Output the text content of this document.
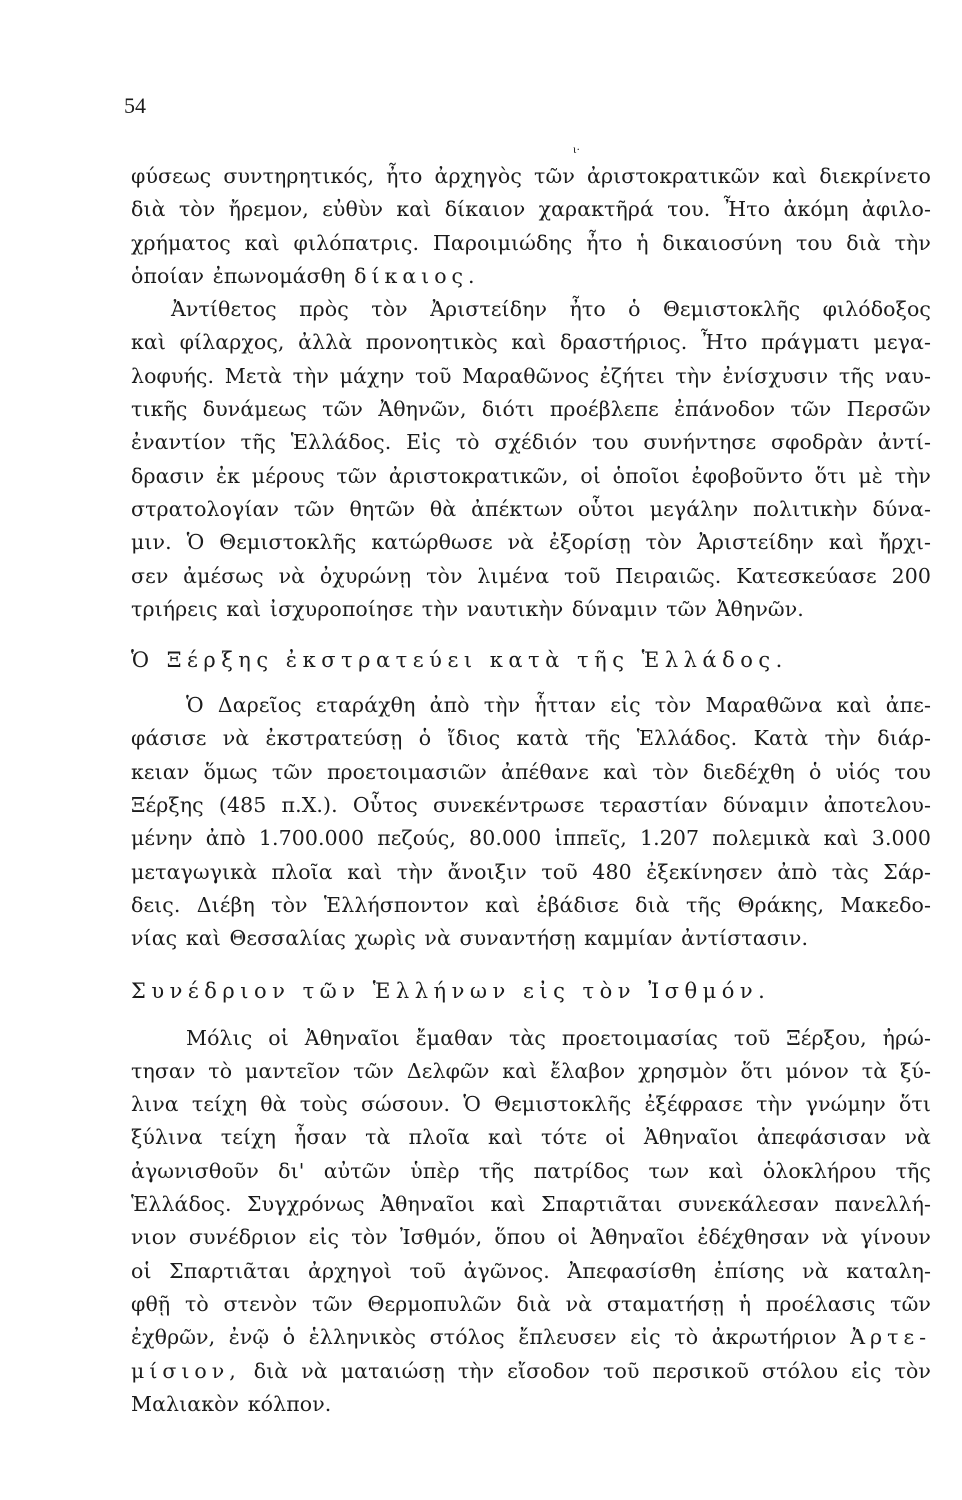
54
ι·

φύσεως συντηρητικός, ἦτο ἀρχηγὸς τῶν ἀριστοκρατικῶν καὶ διεκρίνετο
διὰ τὸν ἤρεμον, εὐθὺν καὶ δίκαιον χαρακτῆρά του. Ἦτο ἀκόμη ἀφιλο-
χρήματος καὶ φιλόπατρις. Παροιμιώδης ἦτο ἡ δικαιοσύνη του διὰ τὴν
ὁποίαν ἐπωνομάσθη δίκαιος.

Ἀντίθετος πρὸς τὸν Ἀριστείδην ἦτο ὁ Θεμιστοκλῆς φιλόδοξος
καὶ φίλαρχος, ἀλλὰ προνοητικὸς καὶ δραστήριος. Ἦτο πράγματι μεγα-
λοφυής. Μετὰ τὴν μάχην τοῦ Μαραθῶνος ἐζήτει τὴν ἐνίσχυσιν τῆς ναυ-
τικῆς δυνάμεως τῶν Ἀθηνῶν, διότι προέβλεπε ἐπάνοδον τῶν Περσῶν
ἐναντίον τῆς Ἑλλάδος. Εἰς τὸ σχέδιόν του συνήντησε σφοδρὰν ἀντί-
δρασιν ἐκ μέρους τῶν ἀριστοκρατικῶν, οἱ ὁποῖοι ἐφοβοῦντο ὅτι μὲ τὴν
στρατολογίαν τῶν θητῶν θὰ ἀπέκτων οὗτοι μεγάλην πολιτικὴν δύνα-
μιν. Ὁ Θεμιστοκλῆς κατώρθωσε νὰ ἐξορίσῃ τὸν Ἀριστείδην καὶ ἤρχι-
σεν ἀμέσως νὰ ὀχυρώνῃ τὸν λιμένα τοῦ Πειραιῶς. Κατεσκεύασε 200
τριήρεις καὶ ἰσχυροποίησε τὴν ναυτικὴν δύναμιν τῶν Ἀθηνῶν.

Ὁ Ξέρξης ἐκστρατεύει κατὰ τῆς Ἑλλάδος.

Ὁ Δαρεῖος εταράχθη ἀπὸ τὴν ἧτταν εἰς τὸν Μαραθῶνα καὶ ἀπε-
φάσισε νὰ ἐκστρατεύσῃ ὁ ἴδιος κατὰ τῆς Ἑλλάδος. Κατὰ τὴν διάρ-
κειαν ὅμως τῶν προετοιμασιῶν ἀπέθανε καὶ τὸν διεδέχθη ὁ υἱός του
Ξέρξης (485 π.Χ.). Οὗτος συνεκέντρωσε τεραστίαν δύναμιν ἀποτελου-
μένην ἀπὸ 1.700.000 πεζούς, 80.000 ἱππεῖς, 1.207 πολεμικὰ καὶ 3.000
μεταγωγικὰ πλοῖα καὶ τὴν ἄνοιξιν τοῦ 480 ἐξεκίνησεν ἀπὸ τὰς Σάρ-
δεις. Διέβη τὸν Ἑλλήσποντον καὶ ἐβάδισε διὰ τῆς Θράκης, Μακεδο-
νίας καὶ Θεσσαλίας χωρὶς νὰ συναντήσῃ καμμίαν ἀντίστασιν.

Συνέδριον τῶν Ἑλλήνων εἰς τὸν Ἰσθμόν.

Μόλις οἱ Ἀθηναῖοι ἔμαθαν τὰς προετοιμασίας τοῦ Ξέρξου, ἠρώ-
τησαν τὸ μαντεῖον τῶν Δελφῶν καὶ ἔλαβον χρησμὸν ὅτι μόνον τὰ ξύ-
λινα τείχη θὰ τοὺς σώσουν. Ὁ Θεμιστοκλῆς ἐξέφρασε τὴν γνώμην ὅτι
ξύλινα τείχη ἦσαν τὰ πλοῖα καὶ τότε οἱ Ἀθηναῖοι ἀπεφάσισαν νὰ
ἀγωνισθοῦν δι' αὐτῶν ὑπὲρ τῆς πατρίδος των καὶ ὁλοκλήρου τῆς
Ἑλλάδος. Συγχρόνως Ἀθηναῖοι καὶ Σπαρτιᾶται συνεκάλεσαν πανελλή-
νιον συνέδριον εἰς τὸν Ἰσθμόν, ὅπου οἱ Ἀθηναῖοι ἐδέχθησαν νὰ γίνουν
οἱ Σπαρτιᾶται ἀρχηγοὶ τοῦ ἀγῶνος. Ἀπεφασίσθη ἐπίσης νὰ καταλη-
φθῇ τὸ στενὸν τῶν Θερμοπυλῶν διὰ νὰ σταματήσῃ ἡ προέλασις τῶν
ἐχθρῶν, ἐνῷ ὁ ἑλληνικὸς στόλος ἔπλευσεν εἰς τὸ ἀκρωτήριον Ἀρτε-
μίσιον, διὰ νὰ ματαιώσῃ τὴν εἴσοδον τοῦ περσικοῦ στόλου εἰς τὸν
Μαλιακὸν κόλπον.
